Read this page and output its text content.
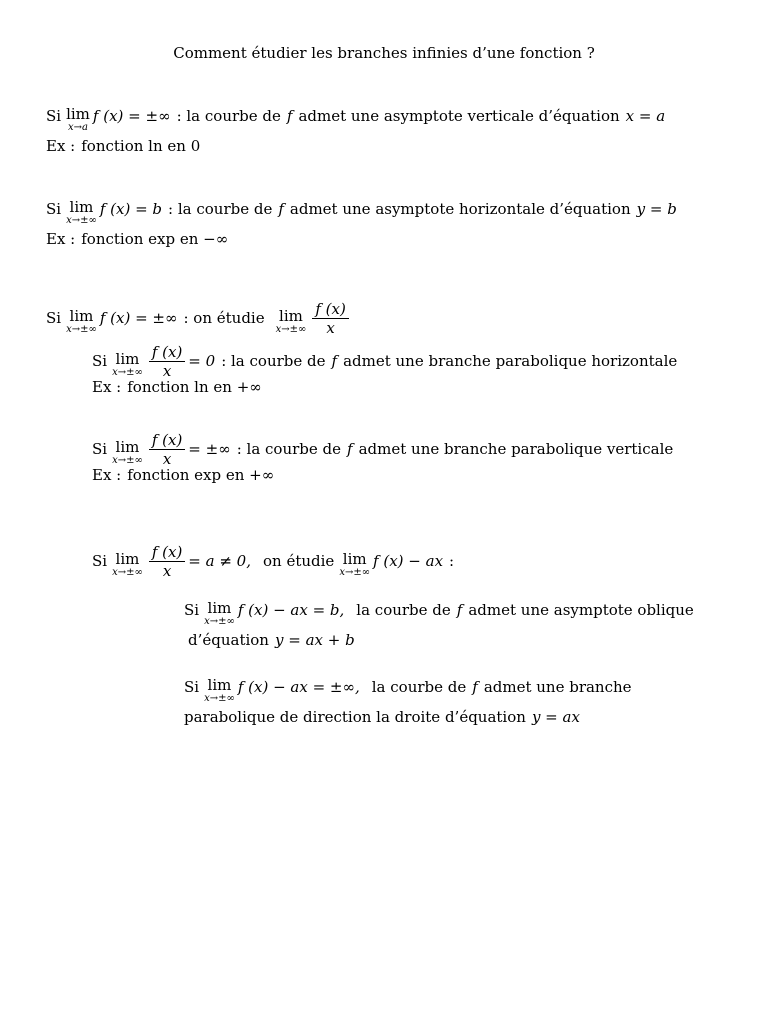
Comment étudier les branches infinies d’une fonction ?
Si lim
x→a
f (x) = ±∞ : la courbe de f admet une asymptote verticale d’équation x = a
Ex : fonction ln en 0
Si lim
x→±∞
f (x) = b : la courbe de f admet une asymptote horizontale d’équation y = b
Ex : fonction exp en −∞
Si lim
x→±∞
f (x) = ±∞ : on étudie lim
$x\to\pm\infty \frac{f (x)}{x}$
Si lim
$x\to\pm\infty \frac{f (x)}{x} = 0$ : la courbe de f admet une branche parabolique horizontale
Ex : fonction ln en +∞
Si lim
$x\to\pm\infty \frac{f (x)}{x}$ = ±∞ : la courbe de f admet une branche parabolique verticale
Ex : fonction exp en +∞
Si lim
$x\to\pm\infty \frac{f (x)}{x} = a \ne 0$, on étudie lim
x→±∞
f (x) − ax :
Si lim
x→±∞
f (x) − ax = b, la courbe de f admet une asymptote oblique
d’équation y = ax + b
Si lim
x→±∞
f (x) − ax = ±∞, la courbe de f admet une branche
parabolique de direction la droite d’équation y = ax
